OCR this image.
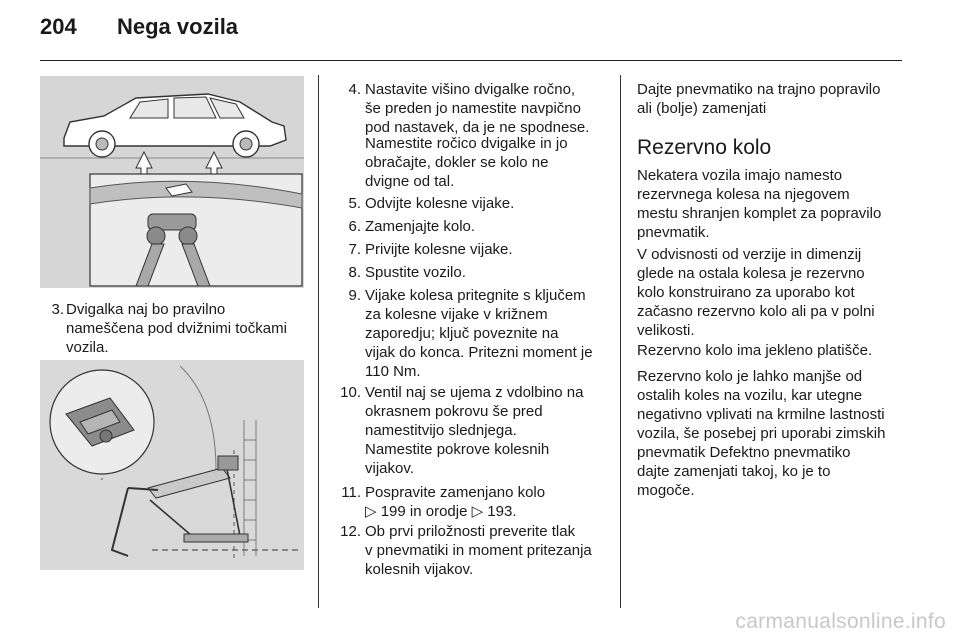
204 Nega vozila
3. Dvigalka naj bo pravilno
nameščena pod dvižnimi točkami
vozila.
4. Nastavite višino dvigalke ročno,
še preden jo namestite navpično
pod nastavek, da je ne spodnese.
Namestite ročico dvigalke in jo
obračajte, dokler se kolo ne
dvigne od tal.
5. Odvijte kolesne vijake.
6. Zamenjajte kolo.
7. Privijte kolesne vijake.
8. Spustite vozilo.
9. Vijake kolesa pritegnite s ključem
za kolesne vijake v križnem
zaporedju; ključ poveznite na
vijak do konca. Pritezni moment je
110 Nm.
10. Ventil naj se ujema z vdolbino na
okrasnem pokrovu še pred
namestitvijo slednjega.
Namestite pokrove kolesnih
vijakov.
11. Pospravite zamenjano kolo
▷ 199 in orodje ▷ 193.
12. Ob prvi priložnosti preverite tlak
v pnevmatiki in moment pritezanja
kolesnih vijakov.
Dajte pnevmatiko na trajno popravilo
ali (bolje) zamenjati
Rezervno kolo
Nekatera vozila imajo namesto
rezervnega kolesa na njegovem
mestu shranjen komplet za popravilo
pnevmatik.
V odvisnosti od verzije in dimenzij
glede na ostala kolesa je rezervno
kolo konstruirano za uporabo kot
začasno rezervno kolo ali pa v polni
velikosti.
Rezervno kolo ima jekleno platišče.
Rezervno kolo je lahko manjše od
ostalih koles na vozilu, kar utegne
negativno vplivati na krmilne lastnosti
vozila, še posebej pri uporabi zimskih
pnevmatik Defektno pnevmatiko
dajte zamenjati takoj, ko je to
mogoče.
carmanualsonline.info
